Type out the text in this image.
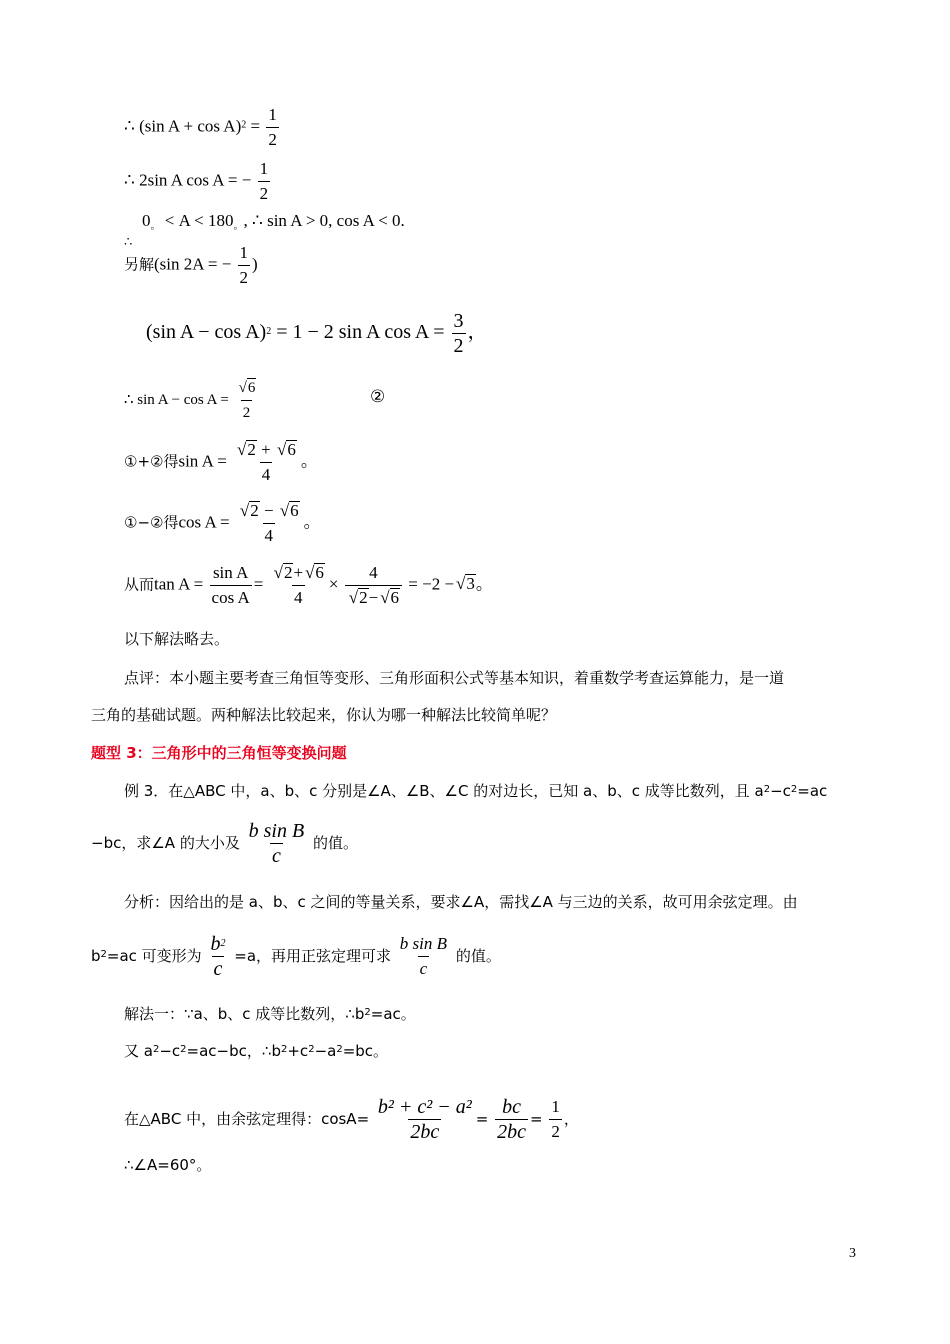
∴ (sin $A + \cos A)^2 = \frac{1}{2}$
∴ 2sin A cos A = − $\frac{1}{2}$
$0_。 < A < 180_。$, ∴ sin A > 0, cos A < 0.
∴
另解(sin 2A = − $\frac{1}{2}$ )
(sin A − cos A)$^2$ = 1 − 2 sin A $\cos A = \frac{3}{2}$ ，
∴ $\sin A - \cos A = \frac{√6}{2}$	②
①+②得$\sin A = \frac{√2 + √6}{4}$ 。
①−②得$\cos A = \frac{√2 - √6}{4}$ 。
从而$\tan A = \frac{\text{sin A}}{\text{cos A}} = \frac{√2+ √6}{4} \times \frac{4}{√2- √6} = -2 - √3$。
以下解法略去。
点评：本小题主要考查三角恒等变形、三角形面积公式等基本知识，着重数学考查运算能力，是一道
三角的基础试题。两种解法比较起来，你认为哪一种解法比较简单呢？
题型 3：三角形中的三角恒等变换问题
例 3．在△ABC 中，a、b、c 分别是∠A、∠B、∠C 的对边长，已知 a、b、c 成等比数列，且 $a^2-c^2=ac$
−bc，求∠A 的大小及 $\frac{\text{b sin B}}{c}$ 的值。
分析：因给出的是 a、b、c 之间的等量关系，要求∠A，需找∠A 与三边的关系，故可用余弦定理。由
$b^2=ac$ 可变形为 $\frac{b^2}{c} =a$，再用正弦定理可求 $\frac{\text{b sin B}}{c}$ 的值。
解法一：∵a、b、c 成等比数列，$\therefore b^2=ac$。
又 $a^2-c^2=ac-bc$，$\therefore b^2+c^2-a^2=bc$。
在△ABC 中，由余弦定理得：$\cos A= \frac{\text{b² + c² − a²}}{2bc} = \frac{bc}{2bc} = \frac{1}{2}$ ，
∴∠A=60°。
3
